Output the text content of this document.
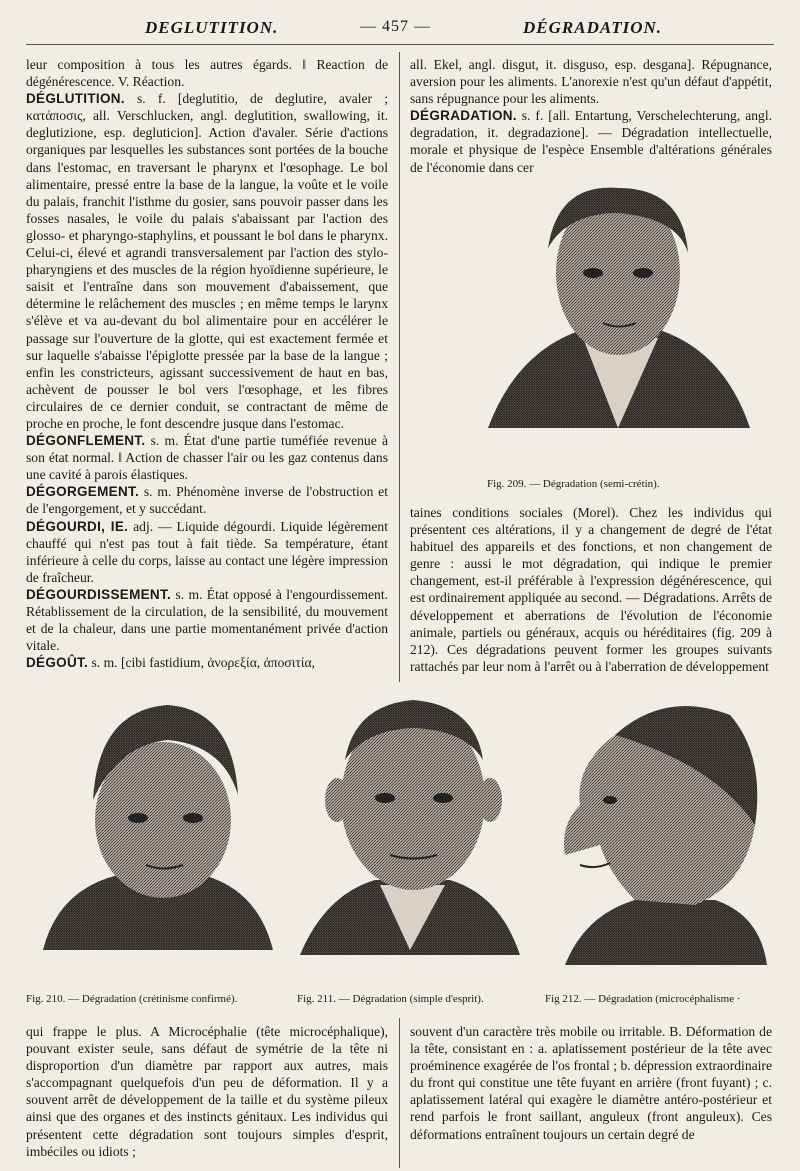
DEGLUTITION.	— 457 —	DÉGRADATION.

leur composition à tous les autres égards. ‖ Reaction de dégénérescence. V. Réaction.

DÉGLUTITION. s. f. [deglutitio, de deglutire, avaler ; κατάποσις, all. Verschlucken, angl. deglutition, swallowing, it. deglutizione, esp. degluticion]. Action d'avaler. Série d'actions organiques par lesquelles les substances sont portées de la bouche dans l'estomac, en traversant le pharynx et l'œsophage. Le bol alimentaire, pressé entre la base de la langue, la voûte et le voile du palais, franchit l'isthme du gosier, sans pouvoir passer dans les fosses nasales, le voile du palais s'abaissant par l'action des glosso- et pharyngo-staphylins, et poussant le bol dans le pharynx. Celui-ci, élevé et agrandi transversalement par l'action des stylo-pharyngiens et des muscles de la région hyoïdienne supérieure, le saisit et l'entraîne dans son mouvement d'abaissement, que détermine le relâchement des muscles ; en même temps le larynx s'élève et va au-devant du bol alimentaire pour en accélérer le passage sur l'ouverture de la glotte, qui est exactement fermée et sur laquelle s'abaisse l'épiglotte pressée par la base de la langue ; enfin les constricteurs, agissant successivement de haut en bas, achèvent de pousser le bol vers l'œsophage, et les fibres circulaires de ce dernier conduit, se contractant de même de proche en proche, le font descendre jusque dans l'estomac.

DÉGONFLEMENT. s. m. État d'une partie tuméfiée revenue à son état normal. ‖ Action de chasser l'air ou les gaz contenus dans une cavité à parois élastiques.

DÉGORGEMENT. s. m. Phénomène inverse de l'obstruction et de l'engorgement, et y succédant.

DÉGOURDI, IE. adj. — Liquide dégourdi. Liquide légèrement chauffé qui n'est pas tout à fait tiède. Sa température, étant inférieure à celle du corps, laisse au contact une légère impression de fraîcheur.

DÉGOURDISSEMENT. s. m. État opposé à l'engourdissement. Rétablissement de la circulation, de la sensibilité, du mouvement et de la chaleur, dans une partie momentanément privée d'action vitale.

DÉGOÛT. s. m. [cibi fastidium, ἀνορεξία, ἀποσιτία,

all. Ekel, angl. disgut, it. disguso, esp. desgana]. Répugnance, aversion pour les aliments. L'anorexie n'est qu'un défaut d'appétit, sans répugnance pour les aliments.

DÉGRADATION. s. f. [all. Entartung, Verschelechterung, angl. degradation, it. degradazione]. — Dégradation intellectuelle, morale et physique de l'espèce Ensemble d'altérations générales de l'économie dans cer

Fig. 209. — Dégradation (semi-crétin).

taines conditions sociales (Morel). Chez les individus qui présentent ces altérations, il y a changement de degré de l'état habituel des appareils et des fonctions, et non changement de genre : aussi le mot dégradation, qui indique le premier changement, est-il préférable à l'expression dégénérescence, qui est ordinairement appliquée au second. — Dégradations. Arrêts de développement et aberrations de l'évolution de l'économie animale, partiels ou généraux, acquis ou héréditaires (fig. 209 à 212). Ces dégradations peuvent former les groupes suivants rattachés par leur nom à l'arrêt ou à l'aberration de développement

Fig. 210. — Dégradation (crétinisme confirmé).	Fig. 211. — Dégradation (simple d'esprit).	Fig 212. — Dégradation (microcéphalisme ·

qui frappe le plus. A Microcéphalie (tête microcéphalique), pouvant exister seule, sans défaut de symétrie de la tête ni disproportion d'un diamètre par rapport aux autres, mais s'accompagnant quelquefois d'un peu de déformation. Il y a souvent arrêt de développement de la taille et du système pileux ainsi que des organes et des instincts génitaux. Les individus qui présentent cette dégradation sont toujours simples d'esprit, imbéciles ou idiots ;

souvent d'un caractère très mobile ou irritable. B. Déformation de la tête, consistant en : a. aplatissement postérieur de la tête avec proéminence exagérée de l'os frontal ; b. dépression extraordinaire du front qui constitue une tête fuyant en arrière (front fuyant) ; c. aplatissement latéral qui exagère le diamètre antéro-postérieur et rend parfois le front saillant, anguleux (front anguleux). Ces déformations entraînent toujours un certain degré de
